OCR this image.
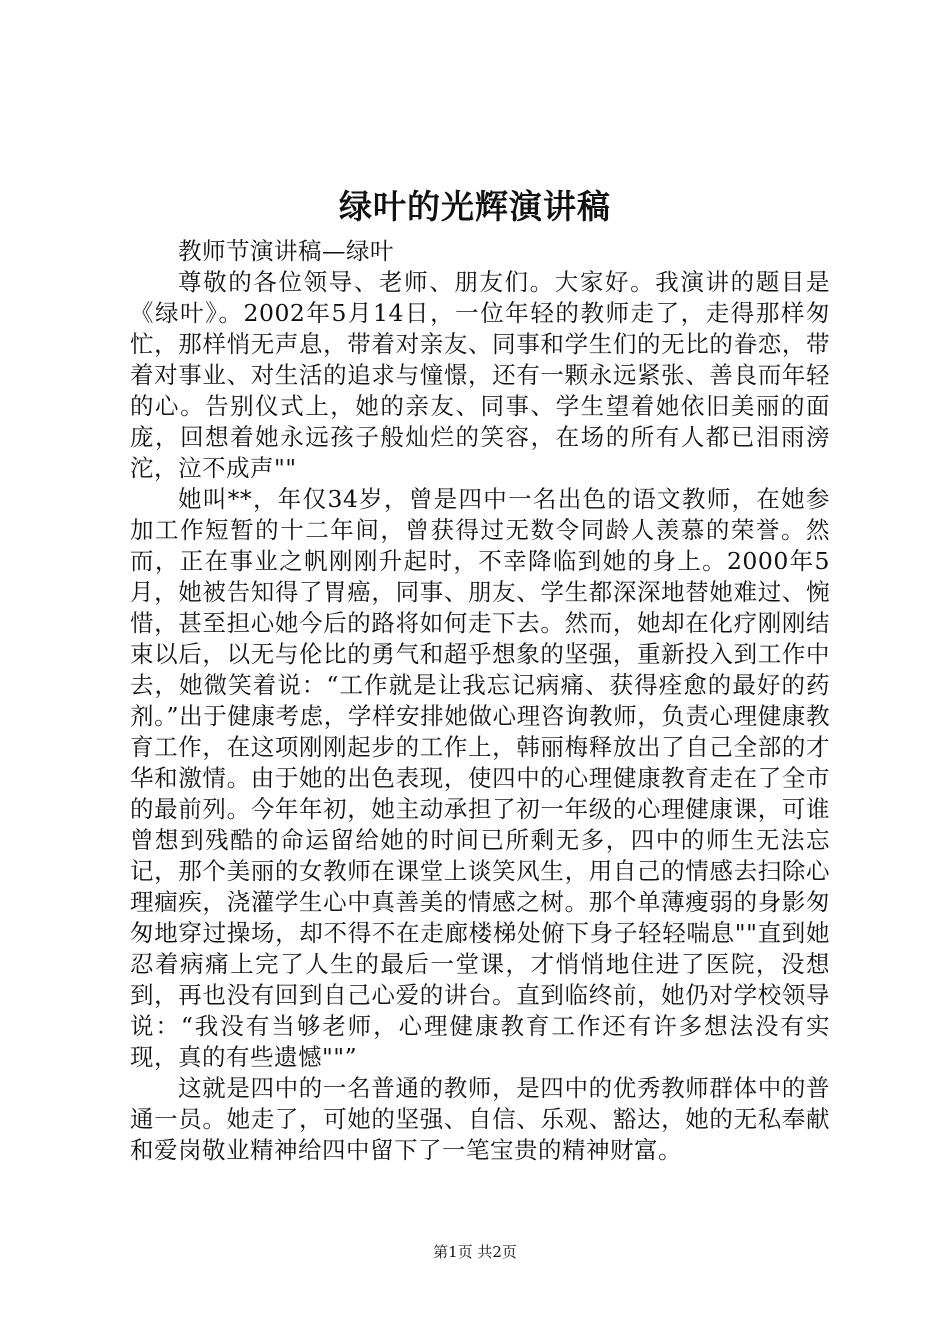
绿叶的光辉演讲稿

教师节演讲稿—绿叶

尊敬的各位领导、老师、朋友们。大家好。我演讲的题目是《绿叶》。2002年5月14日，一位年轻的教师走了，走得那样匆忙，那样悄无声息，带着对亲友、同事和学生们的无比的眷恋，带着对事业、对生活的追求与憧憬，还有一颗永远紧张、善良而年轻的心。告别仪式上，她的亲友、同事、学生望着她依旧美丽的面庞，回想着她永远孩子般灿烂的笑容，在场的所有人都已泪雨滂沱，泣不成声""

她叫**，年仅34岁，曾是四中一名出色的语文教师，在她参加工作短暂的十二年间，曾获得过无数令同龄人羡慕的荣誉。然而，正在事业之帆刚刚升起时，不幸降临到她的身上。2000年5月，她被告知得了胃癌，同事、朋友、学生都深深地替她难过、惋惜，甚至担心她今后的路将如何走下去。然而，她却在化疗刚刚结束以后，以无与伦比的勇气和超乎想象的坚强，重新投入到工作中去，她微笑着说：“工作就是让我忘记病痛、获得痊愈的最好的药剂。”出于健康考虑，学样安排她做心理咨询教师，负责心理健康教育工作，在这项刚刚起步的工作上，韩丽梅释放出了自己全部的才华和激情。由于她的出色表现，使四中的心理健康教育走在了全市的最前列。今年年初，她主动承担了初一年级的心理健康课，可谁曾想到残酷的命运留给她的时间已所剩无多，四中的师生无法忘记，那个美丽的女教师在课堂上谈笑风生，用自己的情感去扫除心理痼疾，浇灌学生心中真善美的情感之树。那个单薄瘦弱的身影匆匆地穿过操场，却不得不在走廊楼梯处俯下身子轻轻喘息""直到她忍着病痛上完了人生的最后一堂课，才悄悄地住进了医院，没想到，再也没有回到自己心爱的讲台。直到临终前，她仍对学校领导说：“我没有当够老师，心理健康教育工作还有许多想法没有实现，真的有些遗憾""”

这就是四中的一名普通的教师，是四中的优秀教师群体中的普通一员。她走了，可她的坚强、自信、乐观、豁达，她的无私奉献和爱岗敬业精神给四中留下了一笔宝贵的精神财富。

第1页 共2页
